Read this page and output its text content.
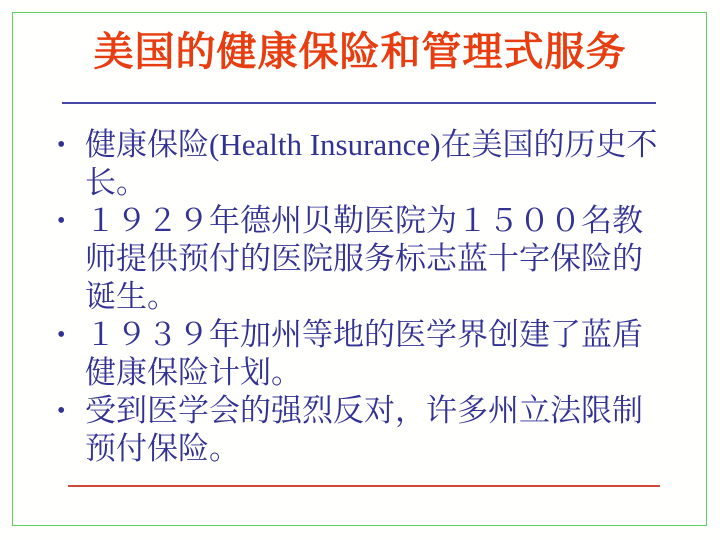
美国的健康保险和管理式服务
• 健康保险(Health Insurance)在美国的历史不长。
• １９２９年德州贝勒医院为１５００名教师提供预付的医院服务标志蓝十字保险的诞生。
• １９３９年加州等地的医学界创建了蓝盾健康保险计划。
• 受到医学会的强烈反对，许多州立法限制预付保险。
